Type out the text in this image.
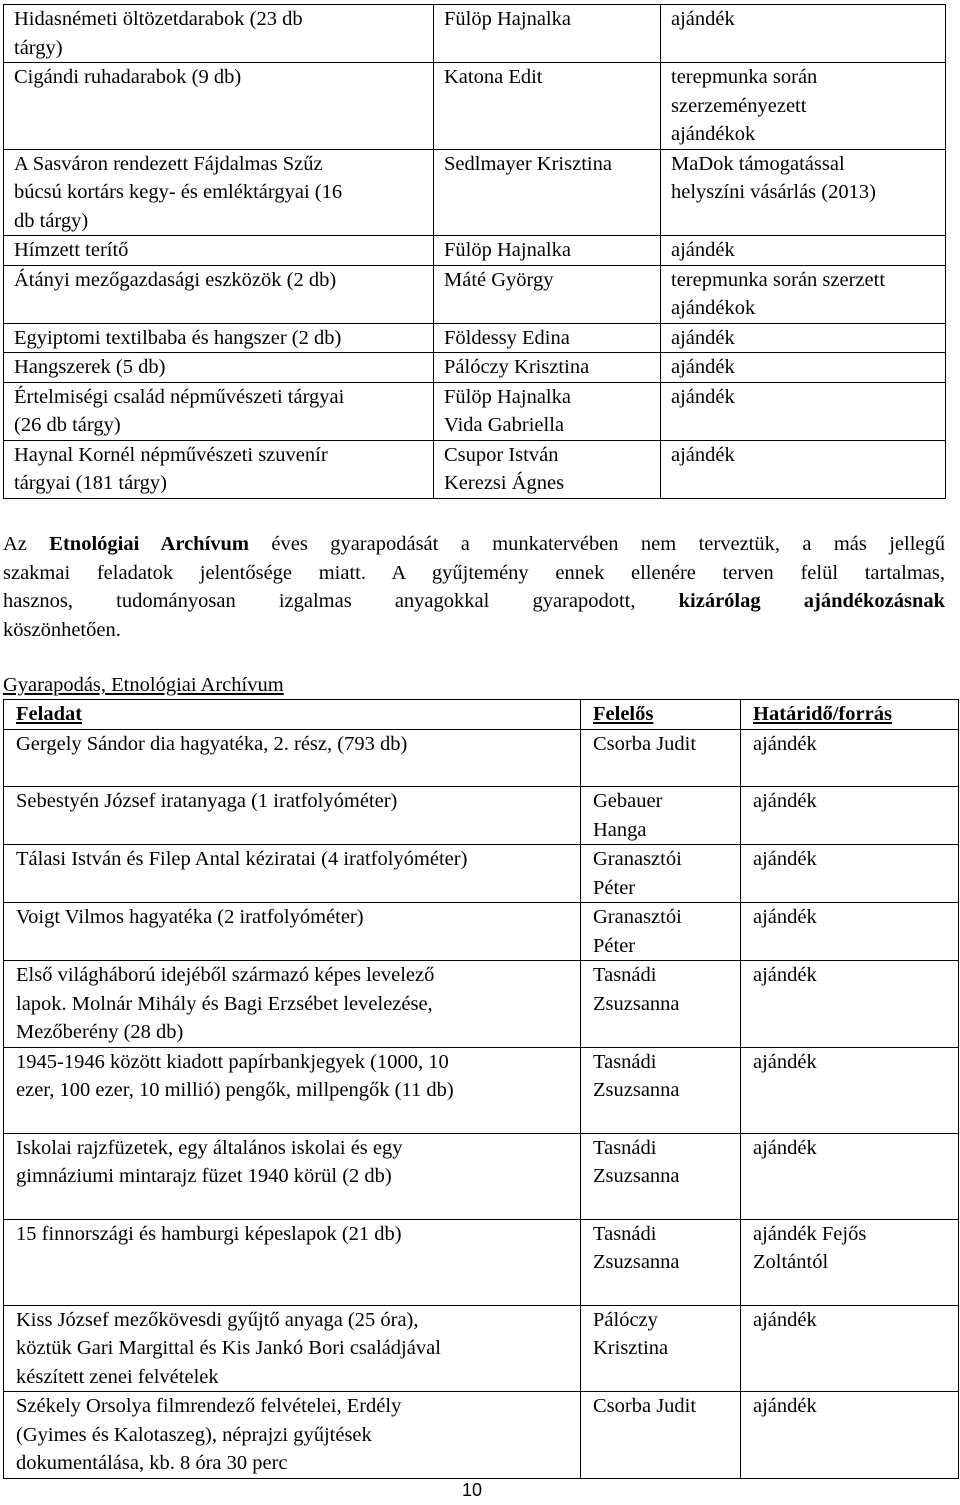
Hidasnémeti öltözetdarabok (23 db
tárgy)	Fülöp Hajnalka	ajándék

Cigándi ruhadarabok (9 db)	Katona Edit	terepmunka során
szerzeményezett
ajándékok

A Sasváron rendezett Fájdalmas Szűz
búcsú kortárs kegy- és emléktárgyai (16
db tárgy)	Sedlmayer Krisztina	MaDok támogatással
helyszíni vásárlás (2013)

Hímzett terítő	Fülöp Hajnalka	ajándék

Átányi mezőgazdasági eszközök (2 db)	Máté György	terepmunka során szerzett
ajándékok

Egyiptomi textilbaba és hangszer (2 db)	Földessy Edina	ajándék

Hangszerek (5 db)	Pálóczy Krisztina	ajándék

Értelmiségi család népművészeti tárgyai
(26 db tárgy)	Fülöp Hajnalka
Vida Gabriella	ajándék

Haynal Kornél népművészeti szuvenír
tárgyai (181 tárgy)	Csupor István
Kerezsi Ágnes	ajándék
Az Etnológiai Archívum éves gyarapodását a munkatervében nem terveztük, a más jellegű
szakmai feladatok jelentősége miatt. A gyűjtemény ennek ellenére terven felül tartalmas,
hasznos, tudományosan izgalmas anyagokkal gyarapodott, kizárólag ajándékozásnak
köszönhetően.
Gyarapodás, Etnológiai Archívum
Feladat	Felelős	Határidő/forrás

Gergely Sándor dia hagyatéka, 2. rész, (793 db)	Csorba Judit	ajándék

Sebestyén József iratanyaga (1 iratfolyóméter)	Gebauer
Hanga	ajándék

Tálasi István és Filep Antal kéziratai (4 iratfolyóméter)	Granasztói
Péter	ajándék

Voigt Vilmos hagyatéka (2 iratfolyóméter)	Granasztói
Péter	ajándék

Első világháború idejéből származó képes levelező
lapok. Molnár Mihály és Bagi Erzsébet levelezése,
Mezőberény (28 db)	Tasnádi
Zsuzsanna	ajándék

1945-1946 között kiadott papírbankjegyek (1000, 10
ezer, 100 ezer, 10 millió) pengők, millpengők (11 db)	Tasnádi
Zsuzsanna	ajándék

Iskolai rajzfüzetek, egy általános iskolai és egy
gimnáziumi mintarajz füzet 1940 körül (2 db)	Tasnádi
Zsuzsanna	ajándék

15 finnországi és hamburgi képeslapok (21 db)	Tasnádi
Zsuzsanna	ajándék Fejős
Zoltántól

Kiss József mezőkövesdi gyűjtő anyaga (25 óra),
köztük Gari Margittal és Kis Jankó Bori családjával
készített zenei felvételek	Pálóczy
Krisztina	ajándék

Székely Orsolya filmrendező felvételei, Erdély
(Gyimes és Kalotaszeg), néprajzi gyűjtések
dokumentálása, kb. 8 óra 30 perc	Csorba Judit	ajándék
10
